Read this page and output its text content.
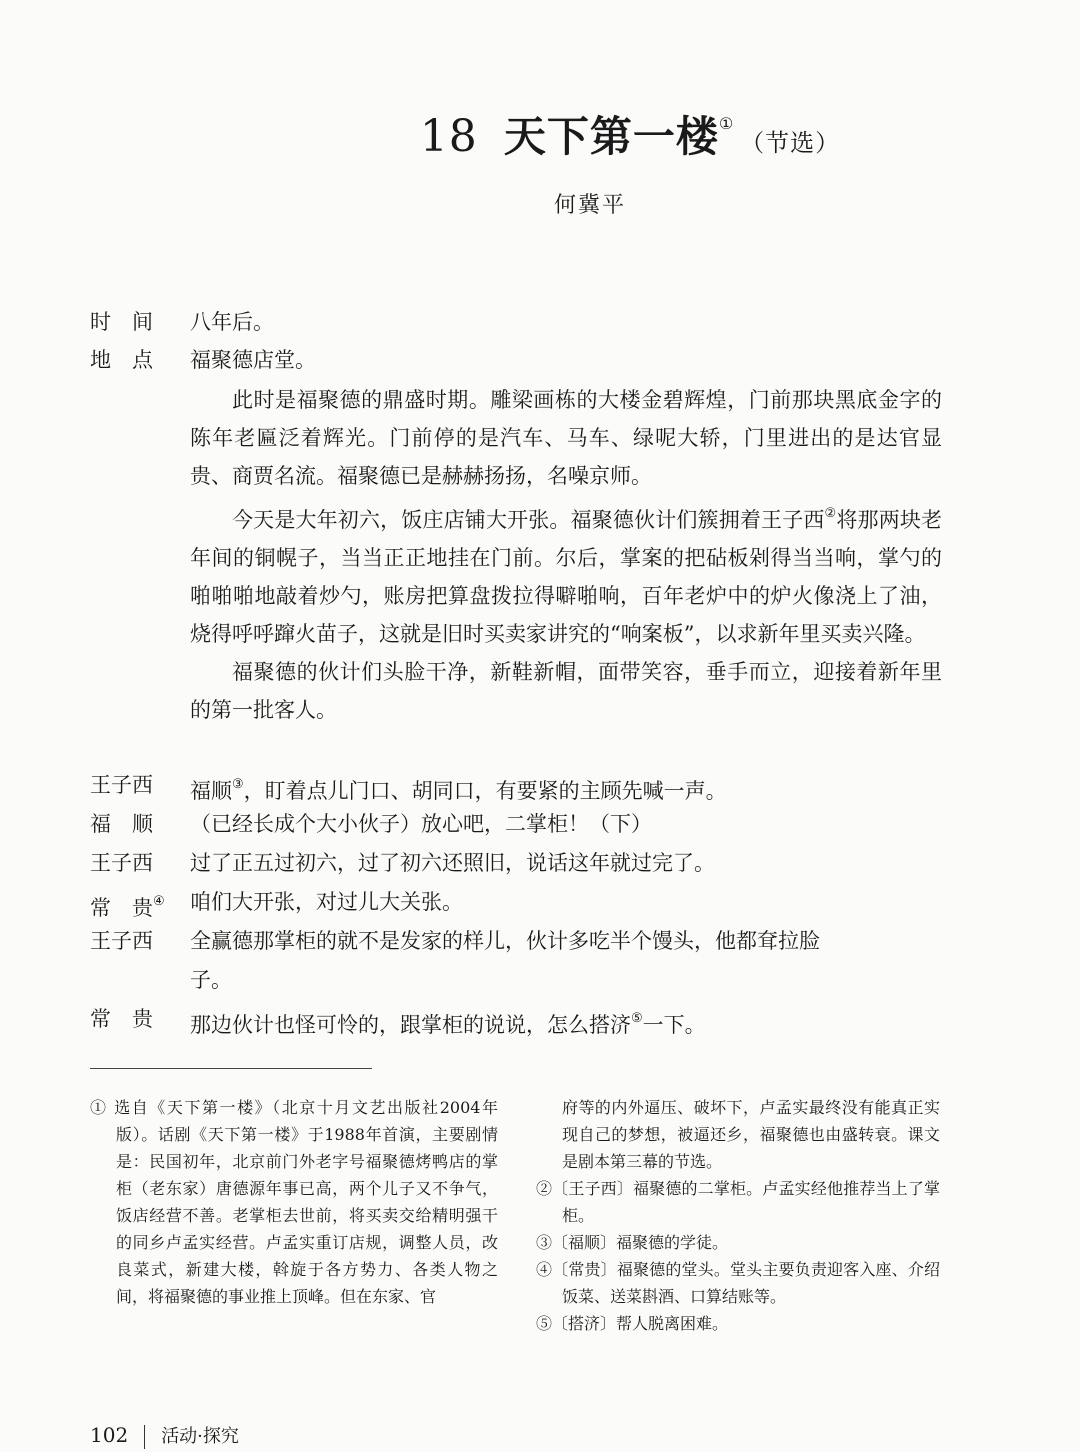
18 天下第一楼①（节选）
何冀平
时　间	八年后。
地　点	福聚德店堂。

此时是福聚德的鼎盛时期。雕梁画栋的大楼金碧辉煌，门前那块黑底金字的陈年老匾泛着辉光。门前停的是汽车、马车、绿呢大轿，门里进出的是达官显贵、商贾名流。福聚德已是赫赫扬扬，名噪京师。

今天是大年初六，饭庄店铺大开张。福聚德伙计们簇拥着王子西②将那两块老年间的铜幌子，当当正正地挂在门前。尔后，掌案的把砧板剁得当当响，掌勺的啪啪啪地敲着炒勺，账房把算盘拨拉得噼啪响，百年老炉中的炉火像浇上了油，烧得呼呼蹿火苗子，这就是旧时买卖家讲究的“响案板”，以求新年里买卖兴隆。

福聚德的伙计们头脸干净，新鞋新帽，面带笑容，垂手而立，迎接着新年里的第一批客人。

王子西	福顺③，盯着点儿门口、胡同口，有要紧的主顾先喊一声。
福　顺	（已经长成个大小伙子）放心吧，二掌柜！（下）
王子西	过了正五过初六，过了初六还照旧，说话这年就过完了。
常　贵④ 咱们大开张，对过儿大关张。
王子西	全赢德那掌柜的就不是发家的样儿，伙计多吃半个馒头，他都耷拉脸
子。
常　贵	那边伙计也怪可怜的，跟掌柜的说说，怎么搭济⑤一下。
① 选自《天下第一楼》（北京十月文艺出版社2004年版）。话剧《天下第一楼》于1988年首演，主要剧情是：民国初年，北京前门外老字号福聚德烤鸭店的掌柜（老东家）唐德源年事已高，两个儿子又不争气，饭店经营不善。老掌柜去世前，将买卖交给精明强干的同乡卢孟实经营。卢孟实重订店规，调整人员，改良菜式，新建大楼，斡旋于各方势力、各类人物之间，将福聚德的事业推上顶峰。但在东家、官
府等的内外逼压、破坏下，卢孟实最终没有能真正实现自己的梦想，被逼还乡，福聚德也由盛转衰。课文是剧本第三幕的节选。
②〔王子西〕福聚德的二掌柜。卢孟实经他推荐当上了掌柜。
③〔福顺〕福聚德的学徒。
④〔常贵〕福聚德的堂头。堂头主要负责迎客入座、介绍饭菜、送菜斟酒、口算结账等。
⑤〔搭济〕帮人脱离困难。
102 活动·探究
